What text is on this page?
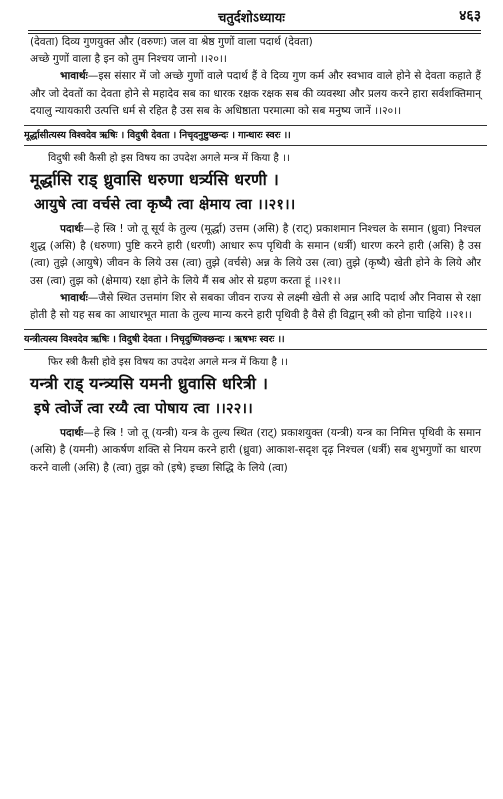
चतुर्दशोऽध्यायः	४६३

(देवता) दिव्य गुणयुक्त और (वरुणः) जल वा श्रेष्ठ गुणों वाला पदार्थ (देवता)
अच्छे गुणों वाला है इन को तुम निश्चय जानो ।।२०।।

भावार्थः—इस संसार में जो अच्छे गुणों वाले पदार्थ हैं वे दिव्य गुण कर्म और स्वभाव वाले होने से देवता कहाते हैं और जो देवतों का देवता होने से महादेव सब का धारक रक्षक रक्षक सब की व्यवस्था और प्रलय करने हारा सर्वशक्तिमान् दयालु न्यायकारी उत्पत्ति धर्म से रहित है उस सब के अधिष्ठाता परमात्मा को सब मनुष्य जानें ।।२०।।

मूर्द्धासीत्यस्य विश्वदेव ऋषिः । विदुषी देवता । निचृदनुष्टुप्छन्दः । गान्धारः स्वरः ।।

विदुषी स्त्री कैसी हो इस विषय का उपदेश अगले मन्त्र में किया है ।।

मूर्द्धासि राड् ध्रुवासि धरुणा धर्त्र्यसि धरणी ।
आयुषे त्वा वर्चसे त्वा कृष्यै त्वा क्षेमाय त्वा ।।२१।।

पदार्थः—हे स्त्रि ! जो तू सूर्य के तुल्य (मूर्द्धा) उत्तम (असि) है (राट्) प्रकाशमान निश्चल के समान (ध्रुवा) निश्चल शुद्ध (असि) है (धरुणा) पुष्टि करने हारी (धरणी) आधार रूप पृथिवी के समान (धर्त्री) धारण करने हारी (असि) है उस (त्वा) तुझे (आयुषे) जीवन के लिये उस (त्वा) तुझे (वर्चसे) अन्न के लिये उस (त्वा) तुझे (कृष्यै) खेती होने के लिये और उस (त्वा) तुझ को (क्षेमाय) रक्षा होने के लिये मैं सब ओर से ग्रहण करता हूं ।।२१।।

भावार्थः—जैसे स्थित उत्तमांग शिर से सबका जीवन राज्य से लक्ष्मी खेती से अन्न आदि पदार्थ और निवास से रक्षा होती है सो यह सब का आधारभूत माता के तुल्य मान्य करने हारी पृथिवी है वैसे ही विद्वान् स्त्री को होना चाहिये ।।२१।।

यन्त्रीत्यस्य विश्वदेव ऋषिः । विदुषी देवता । निचृदुष्णिक्छन्दः । ऋषभः स्वरः ।।

फिर स्त्री कैसी होवे इस विषय का उपदेश अगले मन्त्र में किया है ।।

यन्त्री राड् यन्त्र्यसि यमनी ध्रुवासि धरित्री ।
इषे त्वोर्जे त्वा रय्यै त्वा पोषाय त्वा ।।२२।।

पदार्थः—हे स्त्रि ! जो तू (यन्त्री) यन्त्र के तुल्य स्थित (राट्) प्रकाशयुक्त (यन्त्री) यन्त्र का निमित्त पृथिवी के समान (असि) है (यमनी) आकर्षण शक्ति से नियम करने हारी (ध्रुवा) आकाश-सदृश दृढ़ निश्चल (धर्त्री) सब शुभगुणों का धारण करने वाली (असि) है (त्वा) तुझ को (इषे) इच्छा सिद्धि के लिये (त्वा)
